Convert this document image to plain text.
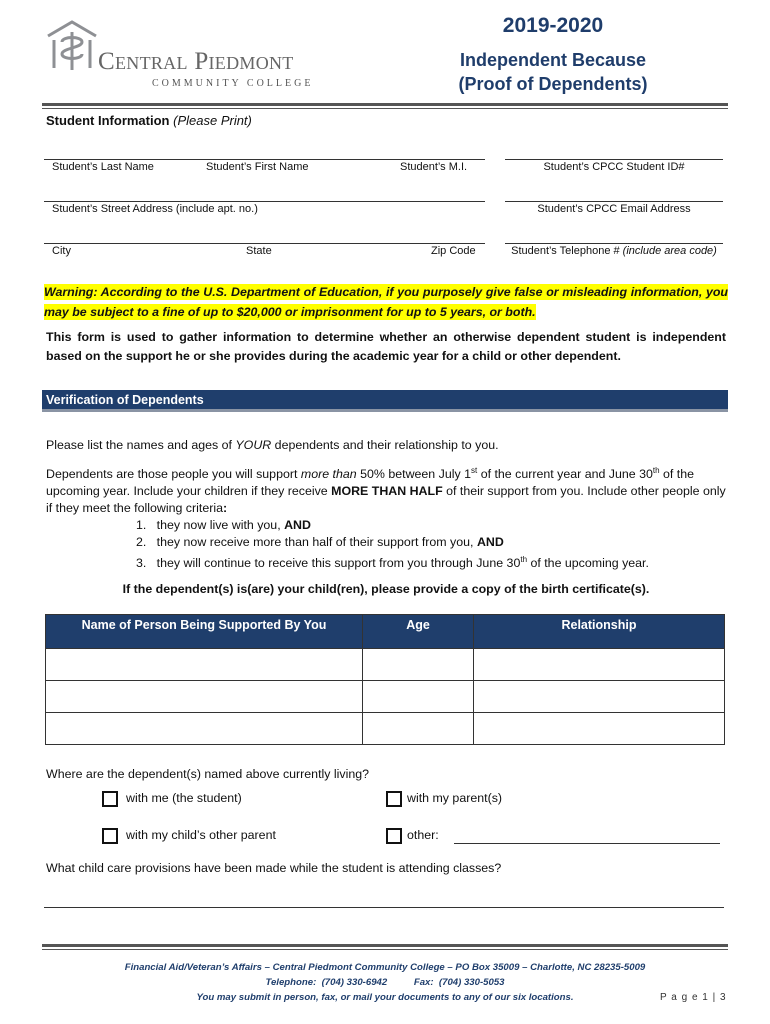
Central Piedmont
COMMUNITY COLLEGE
2019-2020
Independent Because
(Proof of Dependents)
Student Information (Please Print)
Student’s Last Name	Student’s First Name	Student’s M.I.	Student’s CPCC Student ID#
Student’s Street Address (include apt. no.)	Student’s CPCC Email Address
City	State	Zip Code	Student’s Telephone # (include area code)
Warning: According to the U.S. Department of Education, if you purposely give false or misleading information, you may be subject to a fine of up to $20,000 or imprisonment for up to 5 years, or both.
This form is used to gather information to determine whether an otherwise dependent student is independent based on the support he or she provides during the academic year for a child or other dependent.
Verification of Dependents
Please list the names and ages of YOUR dependents and their relationship to you.
Dependents are those people you will support more than 50% between July 1st of the current year and June 30th of the upcoming year. Include your children if they receive MORE THAN HALF of their support from you. Include other people only if they meet the following criteria:
1. they now live with you, AND
2. they now receive more than half of their support from you, AND
3. they will continue to receive this support from you through June 30th of the upcoming year.
If the dependent(s) is(are) your child(ren), please provide a copy of the birth certificate(s).
Name of Person Being Supported By You	Age	Relationship

Where are the dependent(s) named above currently living?
with me (the student)	with my parent(s)
with my child’s other parent	other:
What child care provisions have been made while the student is attending classes?
Financial Aid/Veteran’s Affairs – Central Piedmont Community College – PO Box 35009 – Charlotte, NC 28235-5009
Telephone:  (704) 330-6942          Fax:  (704) 330-5053
You may submit in person, fax, or mail your documents to any of our six locations.	P a g e 1 | 3
